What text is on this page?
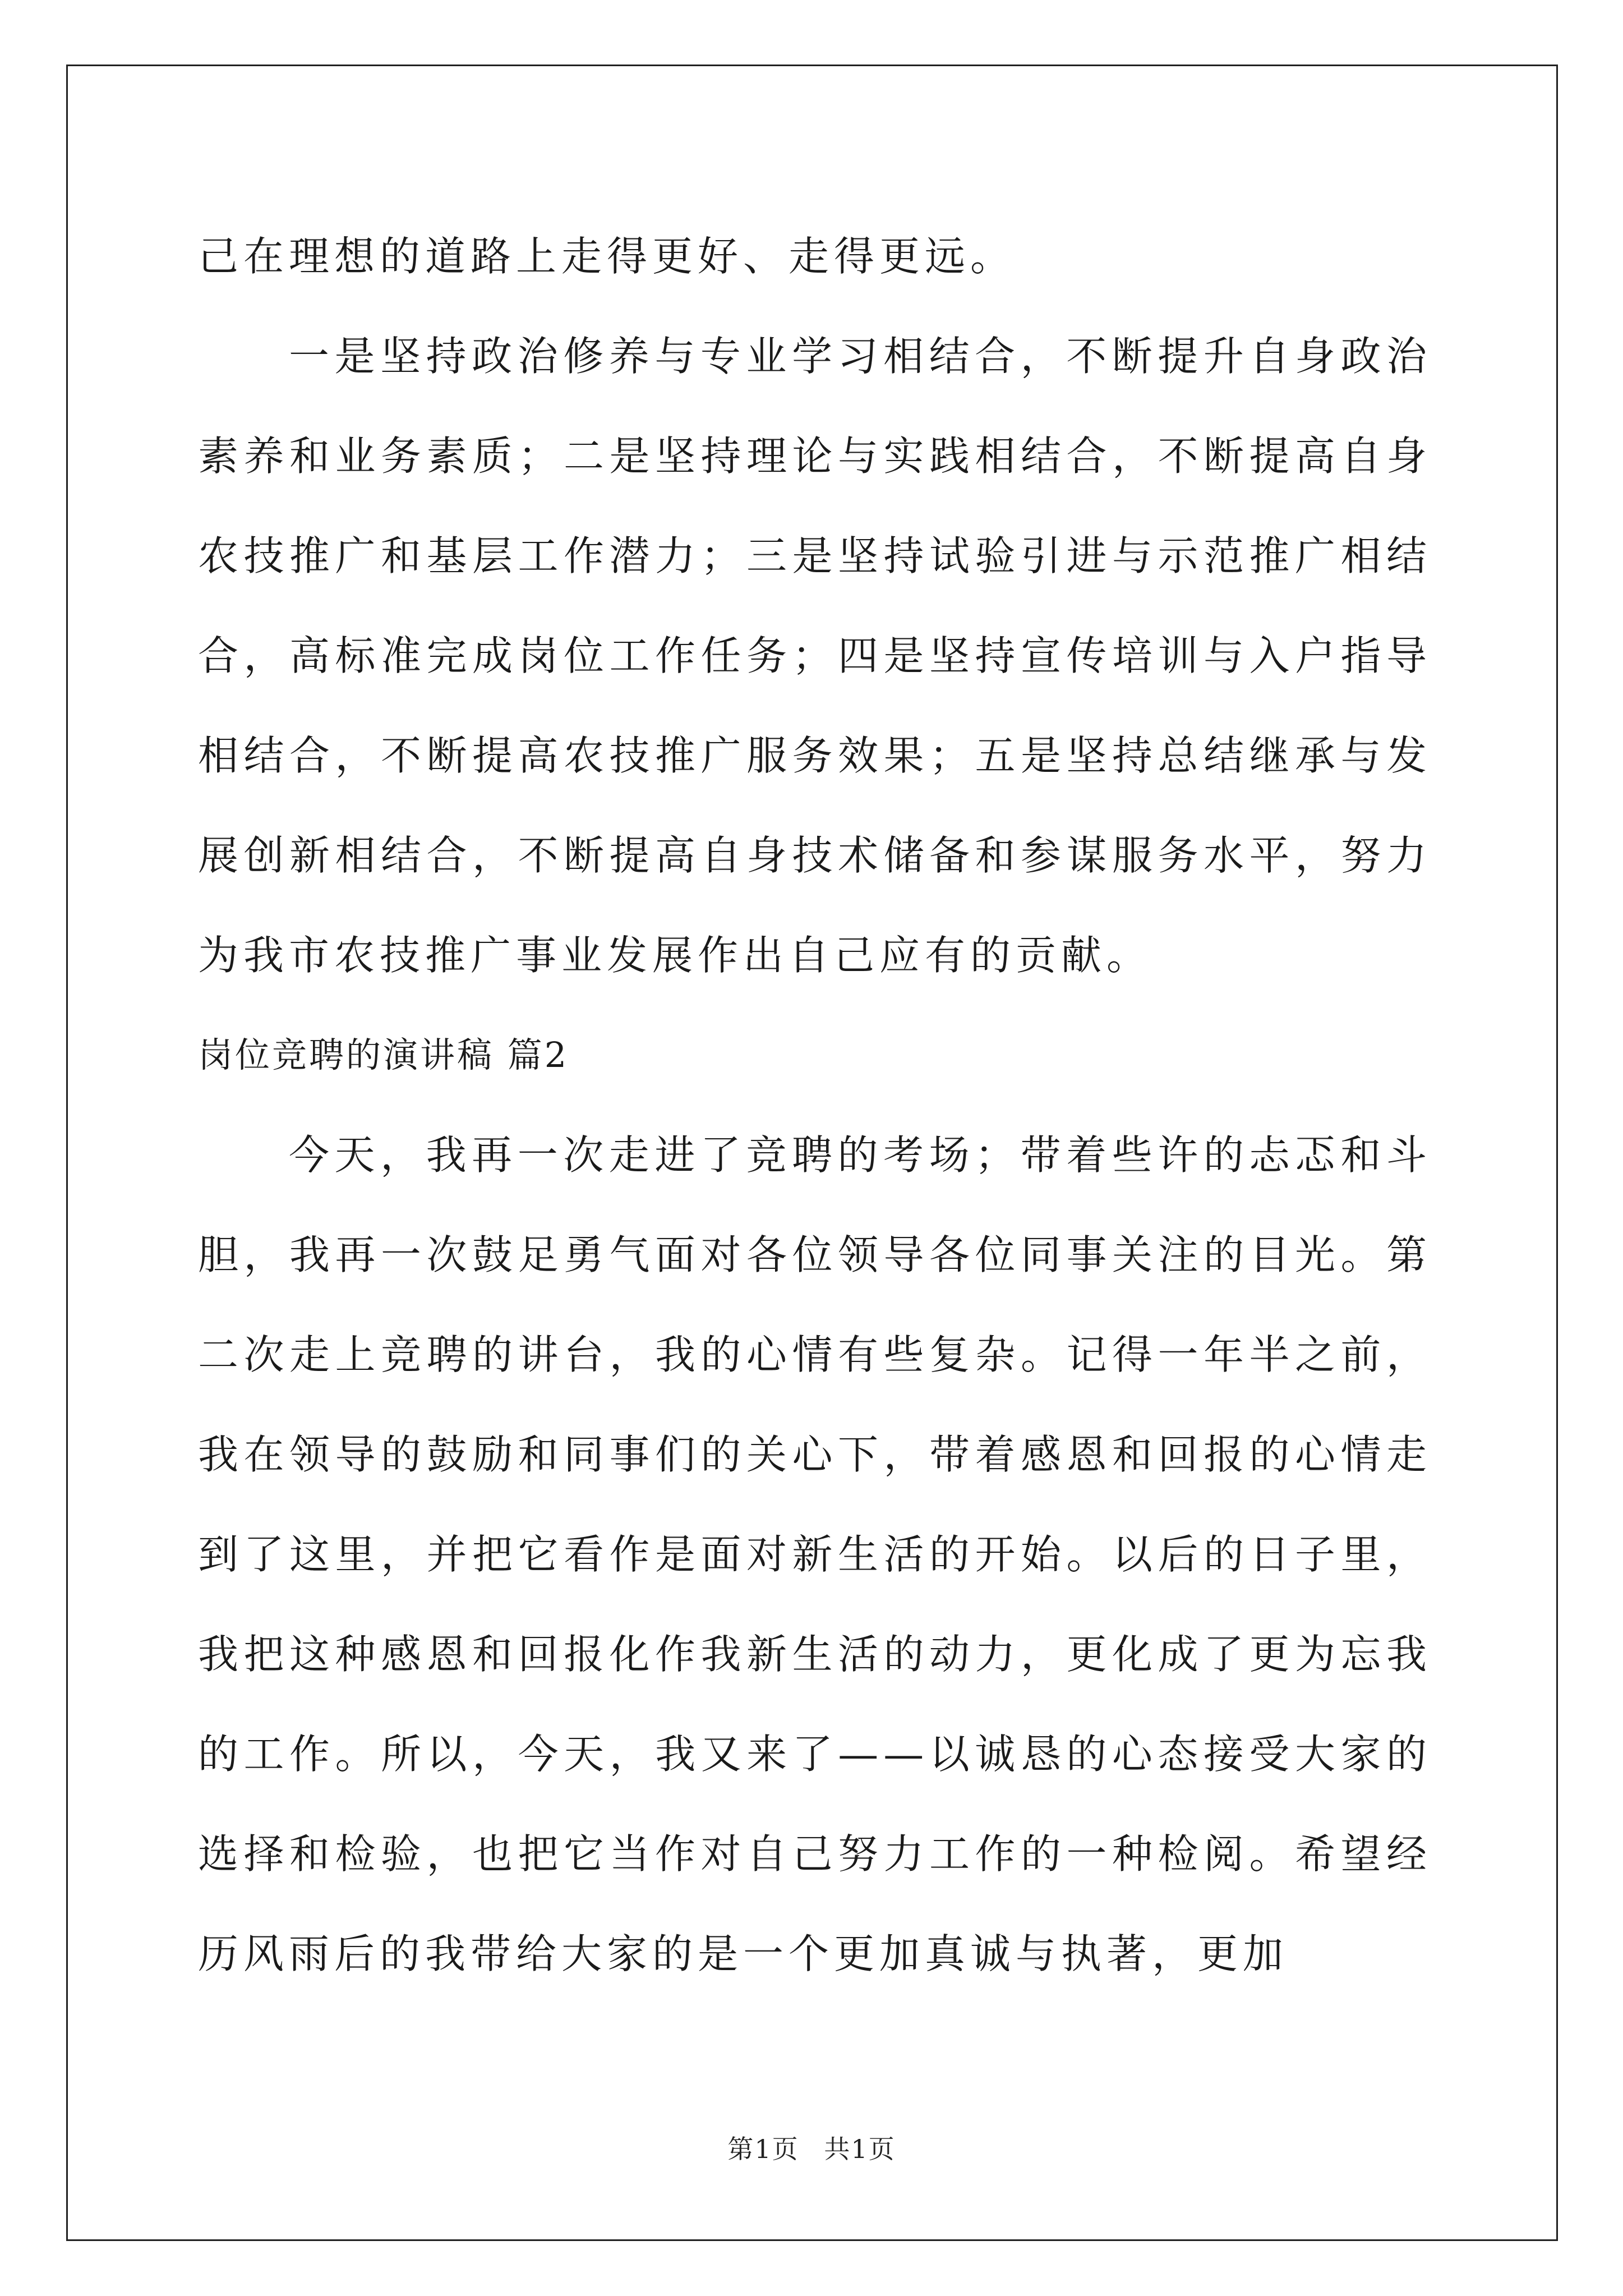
己在理想的道路上走得更好、走得更远。

一是坚持政治修养与专业学习相结合，不断提升自身政治素养和业务素质；二是坚持理论与实践相结合，不断提高自身农技推广和基层工作潜力；三是坚持试验引进与示范推广相结合，高标准完成岗位工作任务；四是坚持宣传培训与入户指导相结合，不断提高农技推广服务效果；五是坚持总结继承与发展创新相结合，不断提高自身技术储备和参谋服务水平，努力为我市农技推广事业发展作出自己应有的贡献。

岗位竞聘的演讲稿 篇2

今天，我再一次走进了竞聘的考场；带着些许的忐忑和斗胆，我再一次鼓足勇气面对各位领导各位同事关注的目光。第二次走上竞聘的讲台，我的心情有些复杂。记得一年半之前，我在领导的鼓励和同事们的关心下，带着感恩和回报的心情走到了这里，并把它看作是面对新生活的开始。以后的日子里，我把这种感恩和回报化作我新生活的动力，更化成了更为忘我的工作。所以，今天，我又来了——以诚恳的心态接受大家的选择和检验，也把它当作对自己努力工作的一种检阅。希望经历风雨后的我带给大家的是一个更加真诚与执著，更加

第1页 共1页
